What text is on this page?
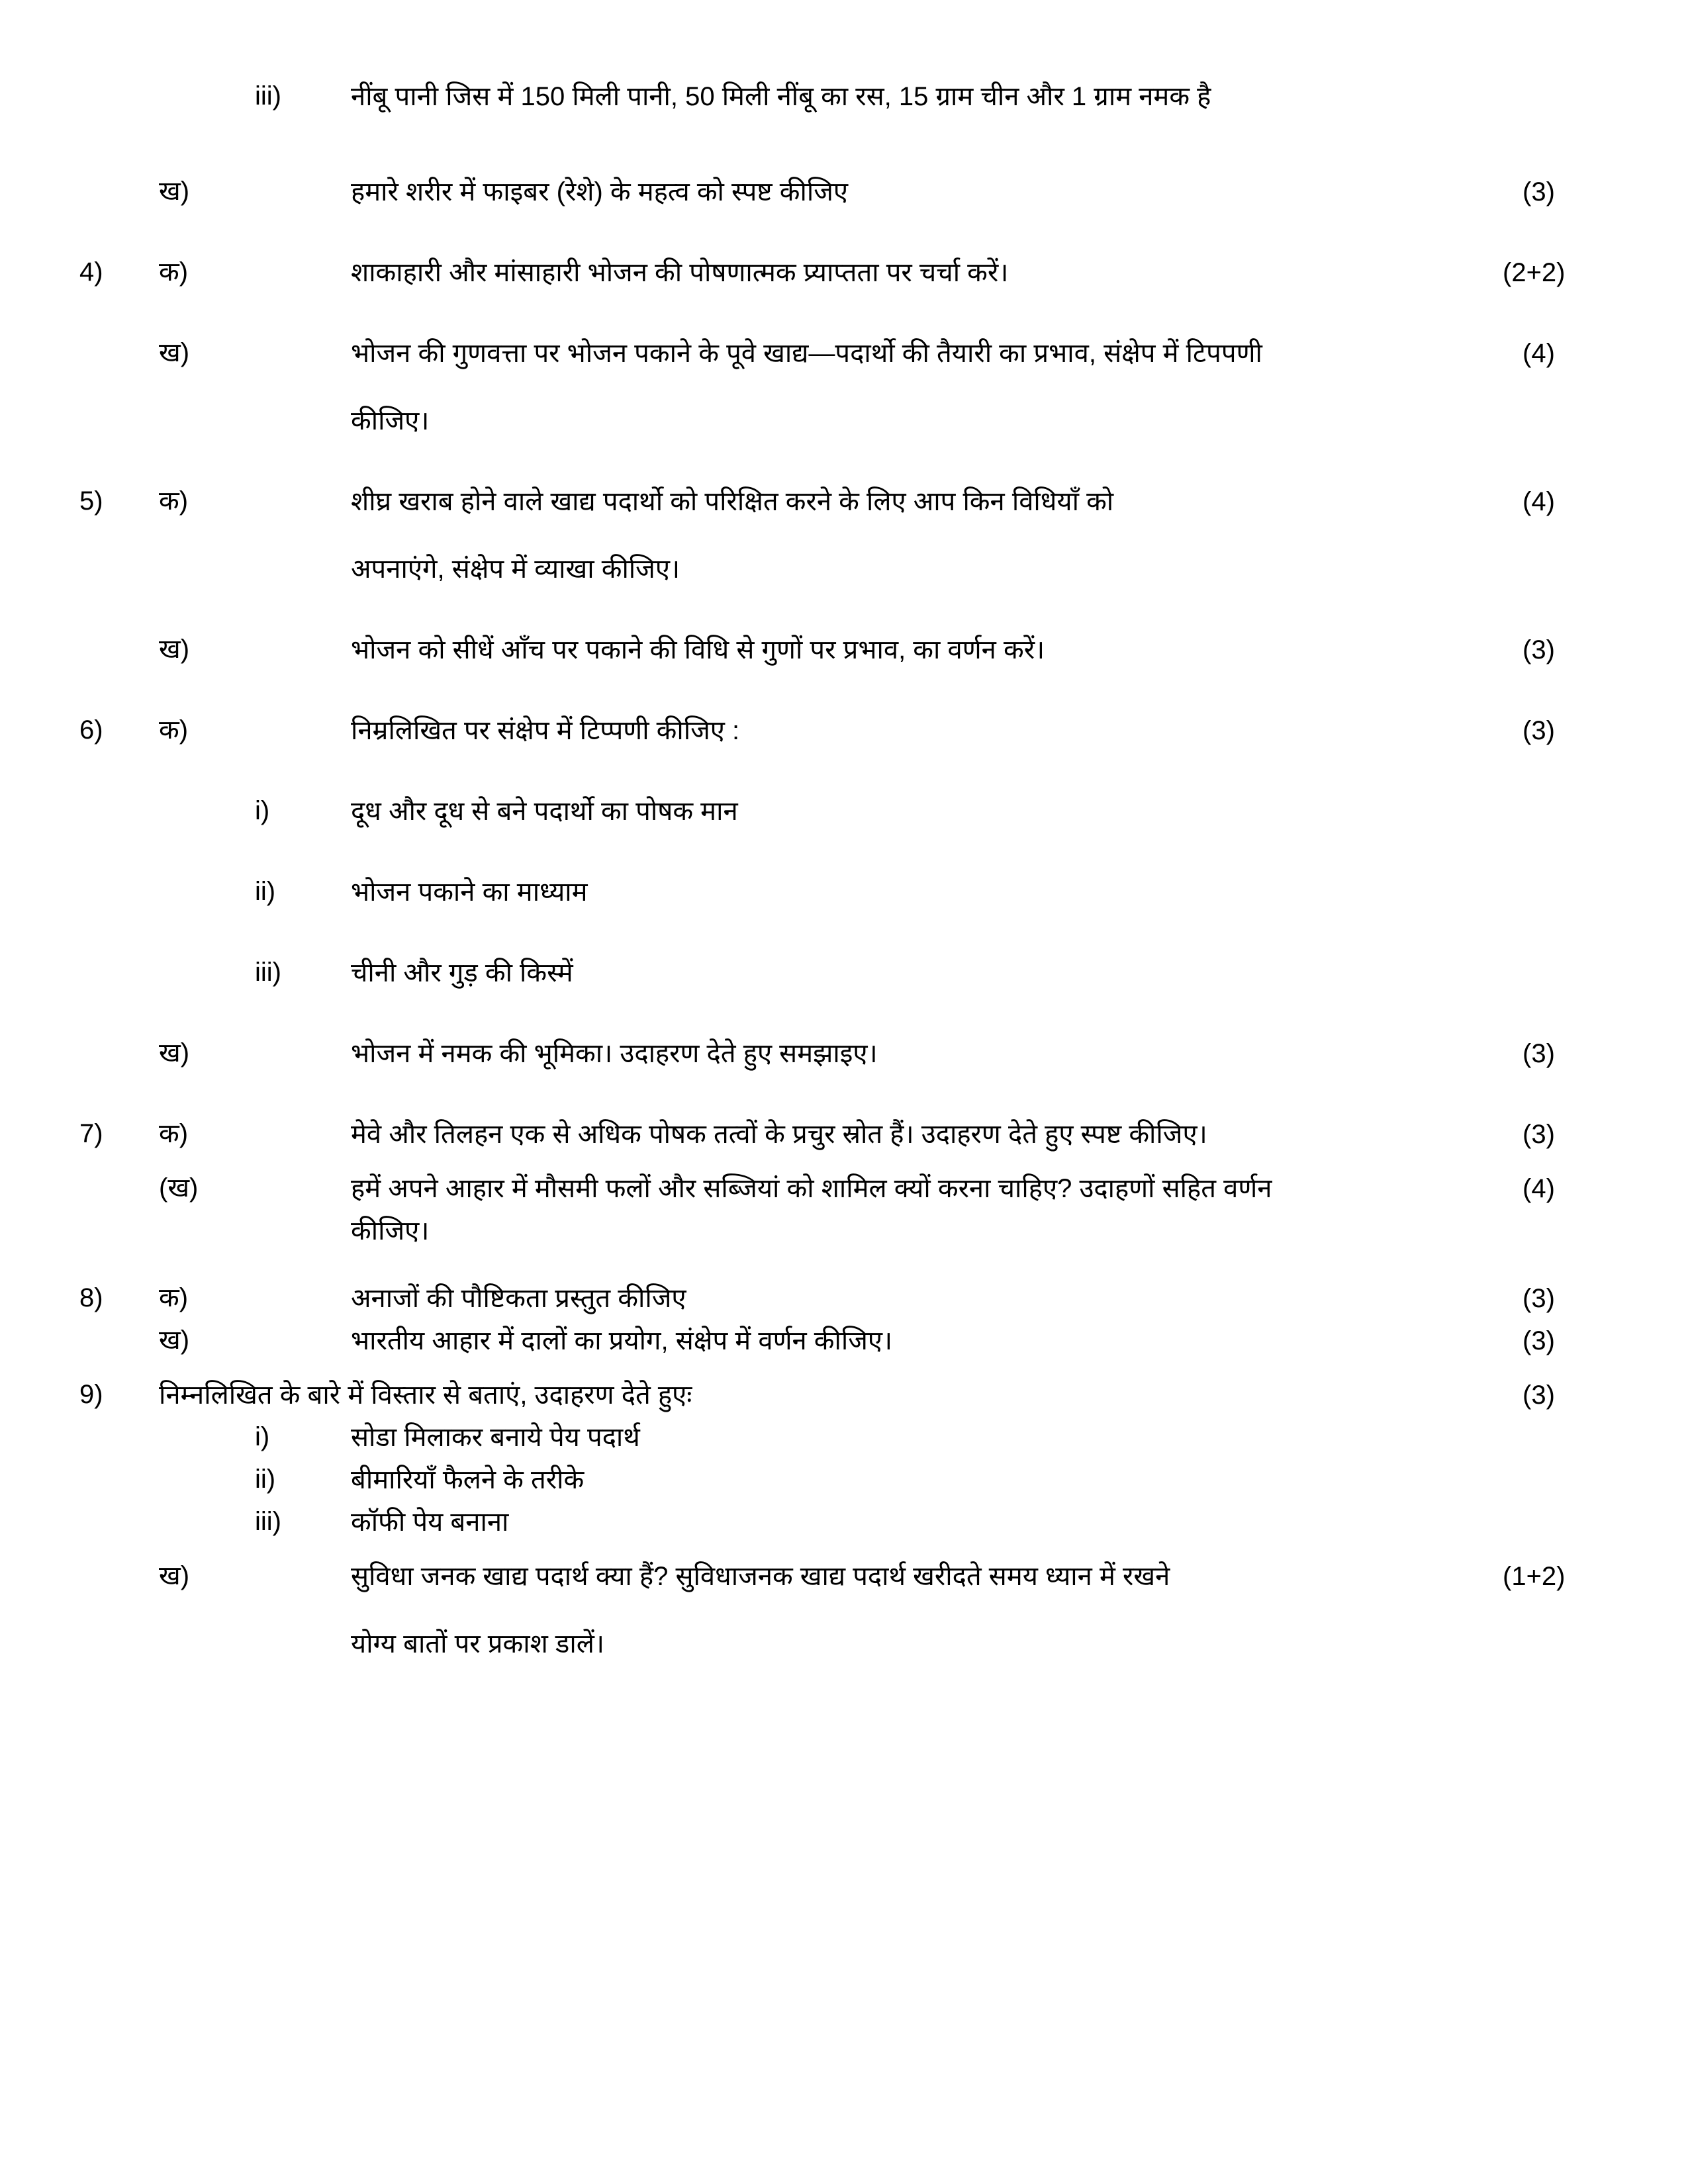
iii)	नींबू पानी जिस में 150 मिली पानी, 50 मिली नींबू का रस, 15 ग्राम चीन और 1 ग्राम नमक है
ख)	हमारे शरीर में फाइबर (रेशे) के महत्व को स्पष्ट कीजिए	(3)
4)	क)	शाकाहारी और मांसाहारी भोजन की पोषणात्मक प्र्याप्तता पर चर्चा करें।	(2+2)
ख)	भोजन की गुणवत्ता पर भोजन पकाने के पूवे खाद्य—पदार्थो की तैयारी का प्रभाव, संक्षेप में टिपपणी	(4)
कीजिए।
5)	क)	शीघ्र खराब होने वाले खाद्य पदार्थो को परिक्षित करने के लिए आप किन विधियाँ को	(4)
अपनाएंगे, संक्षेप में व्याखा कीजिए।
ख)	भोजन को सीधें आँच पर पकाने की विधि से गुणों पर प्रभाव, का वर्णन करें।	(3)
6)	क)	निम्रलिखित पर संक्षेप में टिप्पणी कीजिए :	(3)
i)	दूध और दूध से बने पदार्थो का पोषक मान
ii)	भोजन पकाने का माध्याम
iii)	चीनी और गुड़ की किस्में
ख)	भोजन में नमक की भूमिका। उदाहरण देते हुए समझाइए।	(3)
7)	क)	मेवे और तिलहन एक से अधिक पोषक तत्वों के प्रचुर स्रोत हैं। उदाहरण देते हुए स्पष्ट कीजिए।	(3)
(ख)	हमें अपने आहार में मौसमी फलों और सब्जियां को शामिल क्यों करना चाहिए? उदाहणों सहित वर्णन	(4)
कीजिए।
8)	क)	अनाजों की पौष्टिकता प्रस्तुत कीजिए	(3)
ख)	भारतीय आहार में दालों का प्रयोग, संक्षेप में वर्णन कीजिए।	(3)
9)	निम्नलिखित के बारे में विस्तार से बताएं, उदाहरण देते हुएः	(3)
i)	सोडा मिलाकर बनाये पेय पदार्थ
ii)	बीमारियाँ फैलने के तरीके
iii)	कॉफी पेय बनाना
ख)	सुविधा जनक खाद्य पदार्थ क्या हैं? सुविधाजनक खाद्य पदार्थ खरीदते समय ध्यान में रखने	(1+2)
योग्य बातों पर प्रकाश डालें।
